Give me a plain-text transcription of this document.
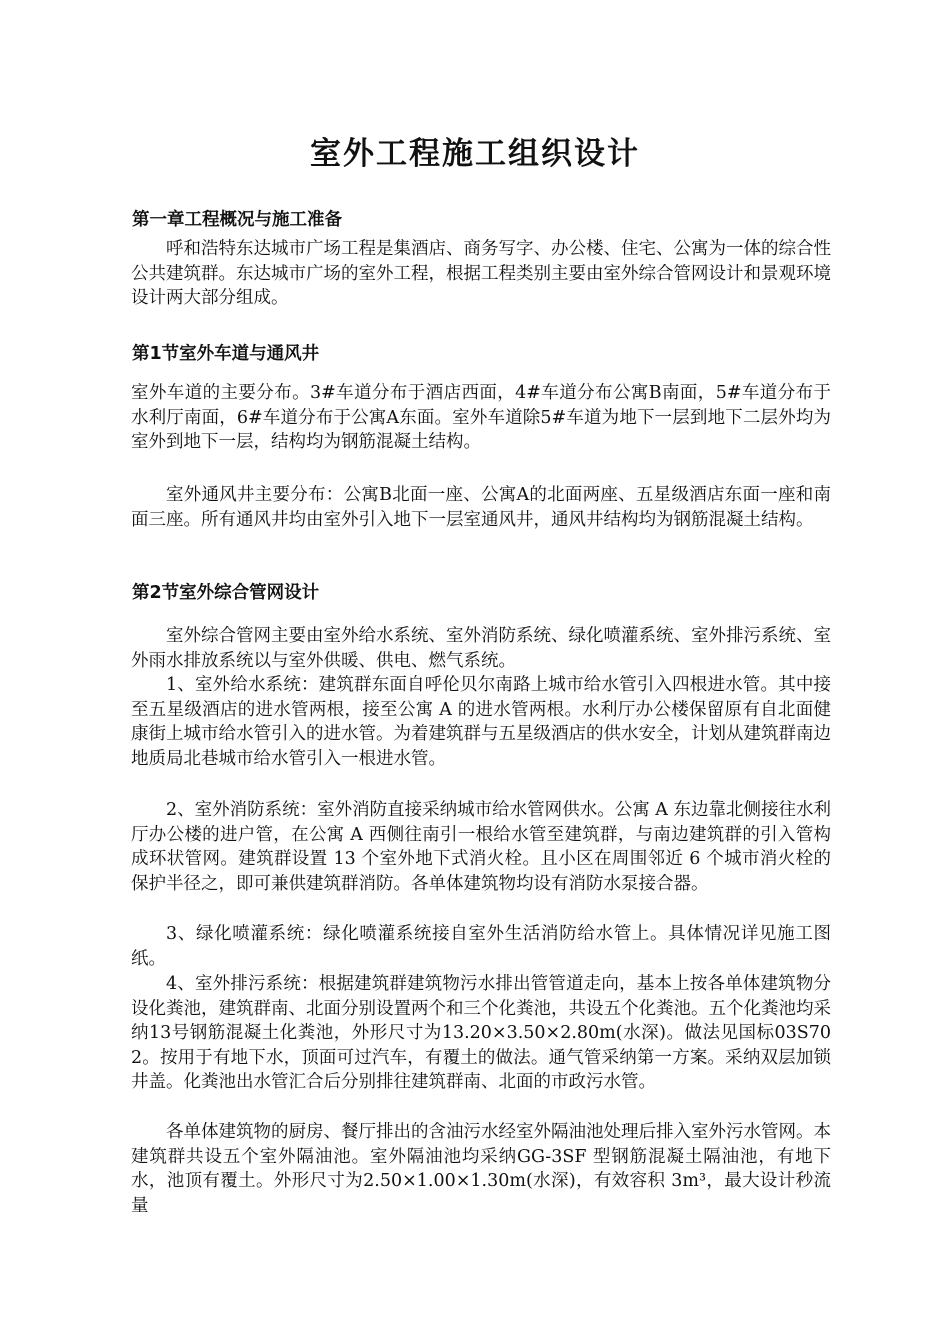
室外工程施工组织设计
第一章工程概况与施工准备
呼和浩特东达城市广场工程是集酒店、商务写字、办公楼、住宅、公寓为一体的综合性公共建筑群。东达城市广场的室外工程，根据工程类别主要由室外综合管网设计和景观环境设计两大部分组成。
第1节室外车道与通风井
室外车道的主要分布。3#车道分布于酒店西面，4#车道分布公寓B南面，5#车道分布于水利厅南面，6#车道分布于公寓A东面。室外车道除5#车道为地下一层到地下二层外均为室外到地下一层，结构均为钢筋混凝土结构。
室外通风井主要分布：公寓B北面一座、公寓A的北面两座、五星级酒店东面一座和南面三座。所有通风井均由室外引入地下一层室通风井，通风井结构均为钢筋混凝土结构。
第2节室外综合管网设计
室外综合管网主要由室外给水系统、室外消防系统、绿化喷灌系统、室外排污系统、室外雨水排放系统以与室外供暖、供电、燃气系统。
1、室外给水系统：建筑群东面自呼伦贝尔南路上城市给水管引入四根进水管。其中接至五星级酒店的进水管两根，接至公寓 A 的进水管两根。水利厅办公楼保留原有自北面健康街上城市给水管引入的进水管。为着建筑群与五星级酒店的供水安全，计划从建筑群南边地质局北巷城市给水管引入一根进水管。
2、室外消防系统：室外消防直接采纳城市给水管网供水。公寓 A 东边靠北侧接往水利厅办公楼的进户管，在公寓 A 西侧往南引一根给水管至建筑群，与南边建筑群的引入管构成环状管网。建筑群设置 13 个室外地下式消火栓。且小区在周围邻近 6 个城市消火栓的保护半径之，即可兼供建筑群消防。各单体建筑物均设有消防水泵接合器。
3、绿化喷灌系统：绿化喷灌系统接自室外生活消防给水管上。具体情况详见施工图纸。
4、室外排污系统：根据建筑群建筑物污水排出管管道走向，基本上按各单体建筑物分设化粪池，建筑群南、北面分别设置两个和三个化粪池，共设五个化粪池。五个化粪池均采纳13号钢筋混凝土化粪池，外形尺寸为13.20×3.50×2.80m(水深)。做法见国标03S702。按用于有地下水，顶面可过汽车，有覆土的做法。通气管采纳第一方案。采纳双层加锁井盖。化粪池出水管汇合后分别排往建筑群南、北面的市政污水管。
各单体建筑物的厨房、餐厅排出的含油污水经室外隔油池处理后排入室外污水管网。本建筑群共设五个室外隔油池。室外隔油池均采纳GG-3SF 型钢筋混凝土隔油池，有地下水，池顶有覆土。外形尺寸为2.50×1.00×1.30m(水深)，有效容积 3m³，最大设计秒流量
